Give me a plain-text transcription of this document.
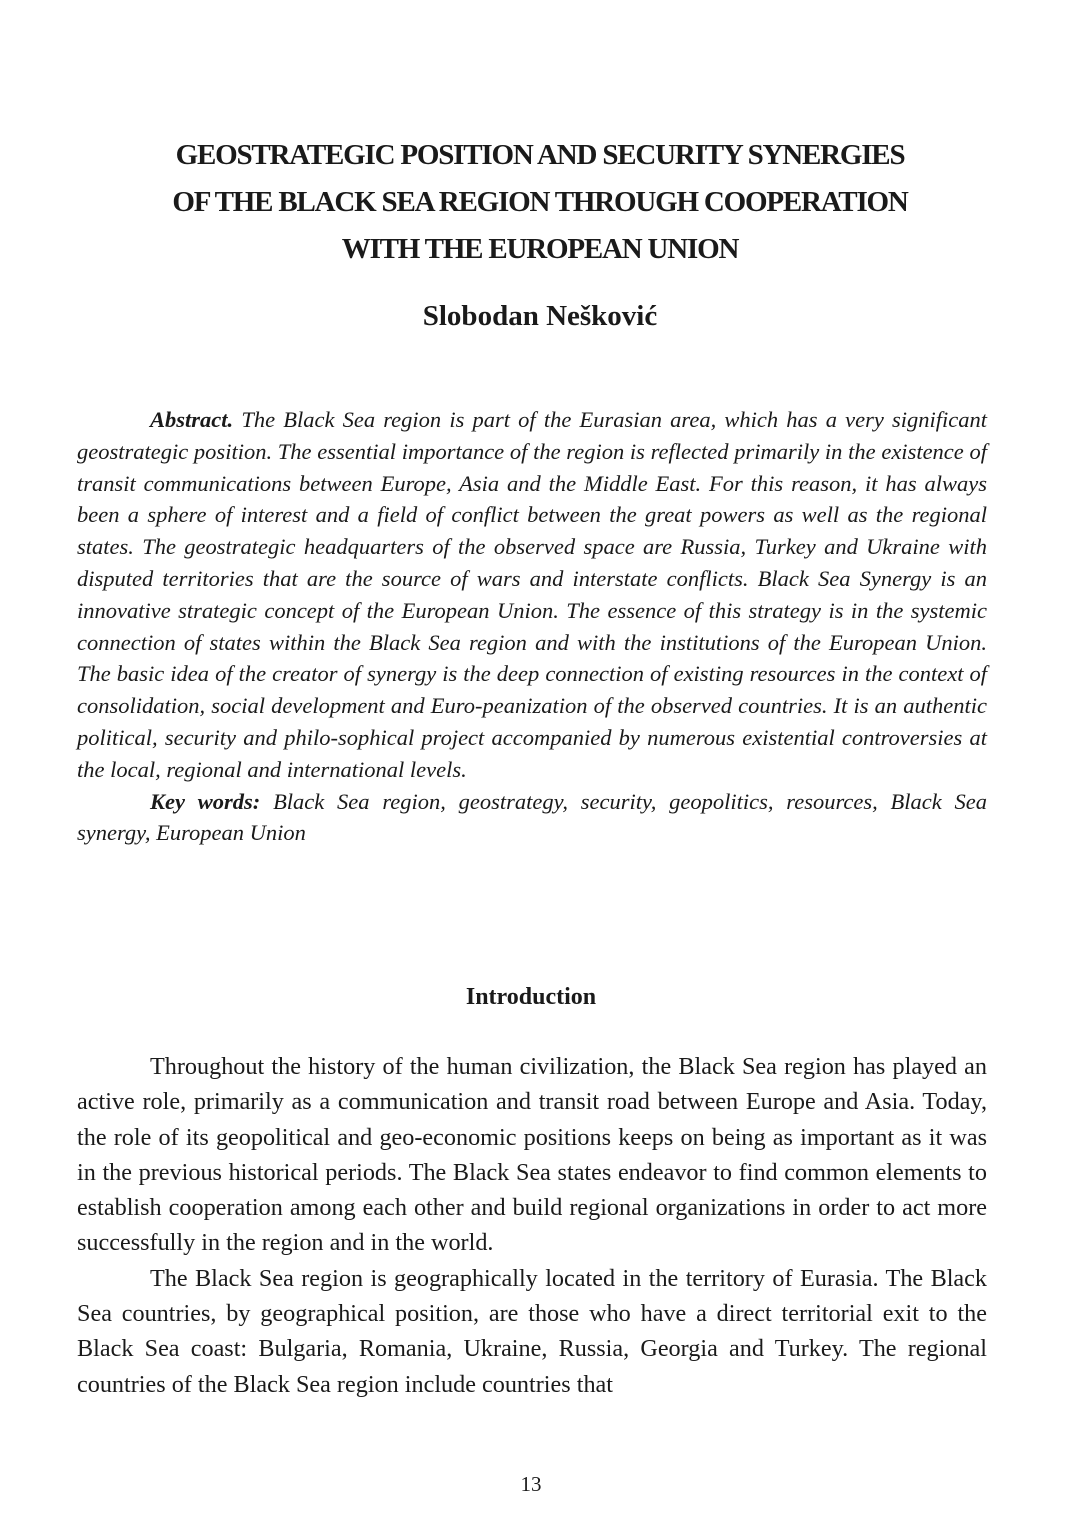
GEOSTRATEGIC POSITION AND SECURITY SYNERGIES
OF THE BLACK SEA REGION THROUGH COOPERATION
WITH THE EUROPEAN UNION
Slobodan Nešković

Abstract. The Black Sea region is part of the Eurasian area, which has a very significant geostrategic position. The essential importance of the region is reflected primarily in the existence of transit communications between Europe, Asia and the Middle East. For this reason, it has always been a sphere of interest and a field of conflict between the great powers as well as the regional states. The geostrategic headquarters of the observed space are Russia, Turkey and Ukraine with disputed territories that are the source of wars and interstate conflicts. Black Sea Synergy is an innovative strategic concept of the European Union. The essence of this strategy is in the systemic connection of states within the Black Sea region and with the institutions of the European Union. The basic idea of the creator of synergy is the deep connection of existing resources in the context of consolidation, social development and Euro-peanization of the observed countries. It is an authentic political, security and philo-sophical project accompanied by numerous existential controversies at the local, regional and international levels.

Key words: Black Sea region, geostrategy, security, geopolitics, resources, Black Sea synergy, European Union

Introduction

Throughout the history of the human civilization, the Black Sea region has played an active role, primarily as a communication and transit road between Europe and Asia. Today, the role of its geopolitical and geo-economic positions keeps on being as important as it was in the previous historical periods. The Black Sea states endeavor to find common elements to establish cooperation among each other and build regional organizations in order to act more successfully in the region and in the world.

The Black Sea region is geographically located in the territory of Eurasia. The Black Sea countries, by geographical position, are those who have a direct territorial exit to the Black Sea coast: Bulgaria, Romania, Ukraine, Russia, Georgia and Turkey. The regional countries of the Black Sea region include countries that

13
